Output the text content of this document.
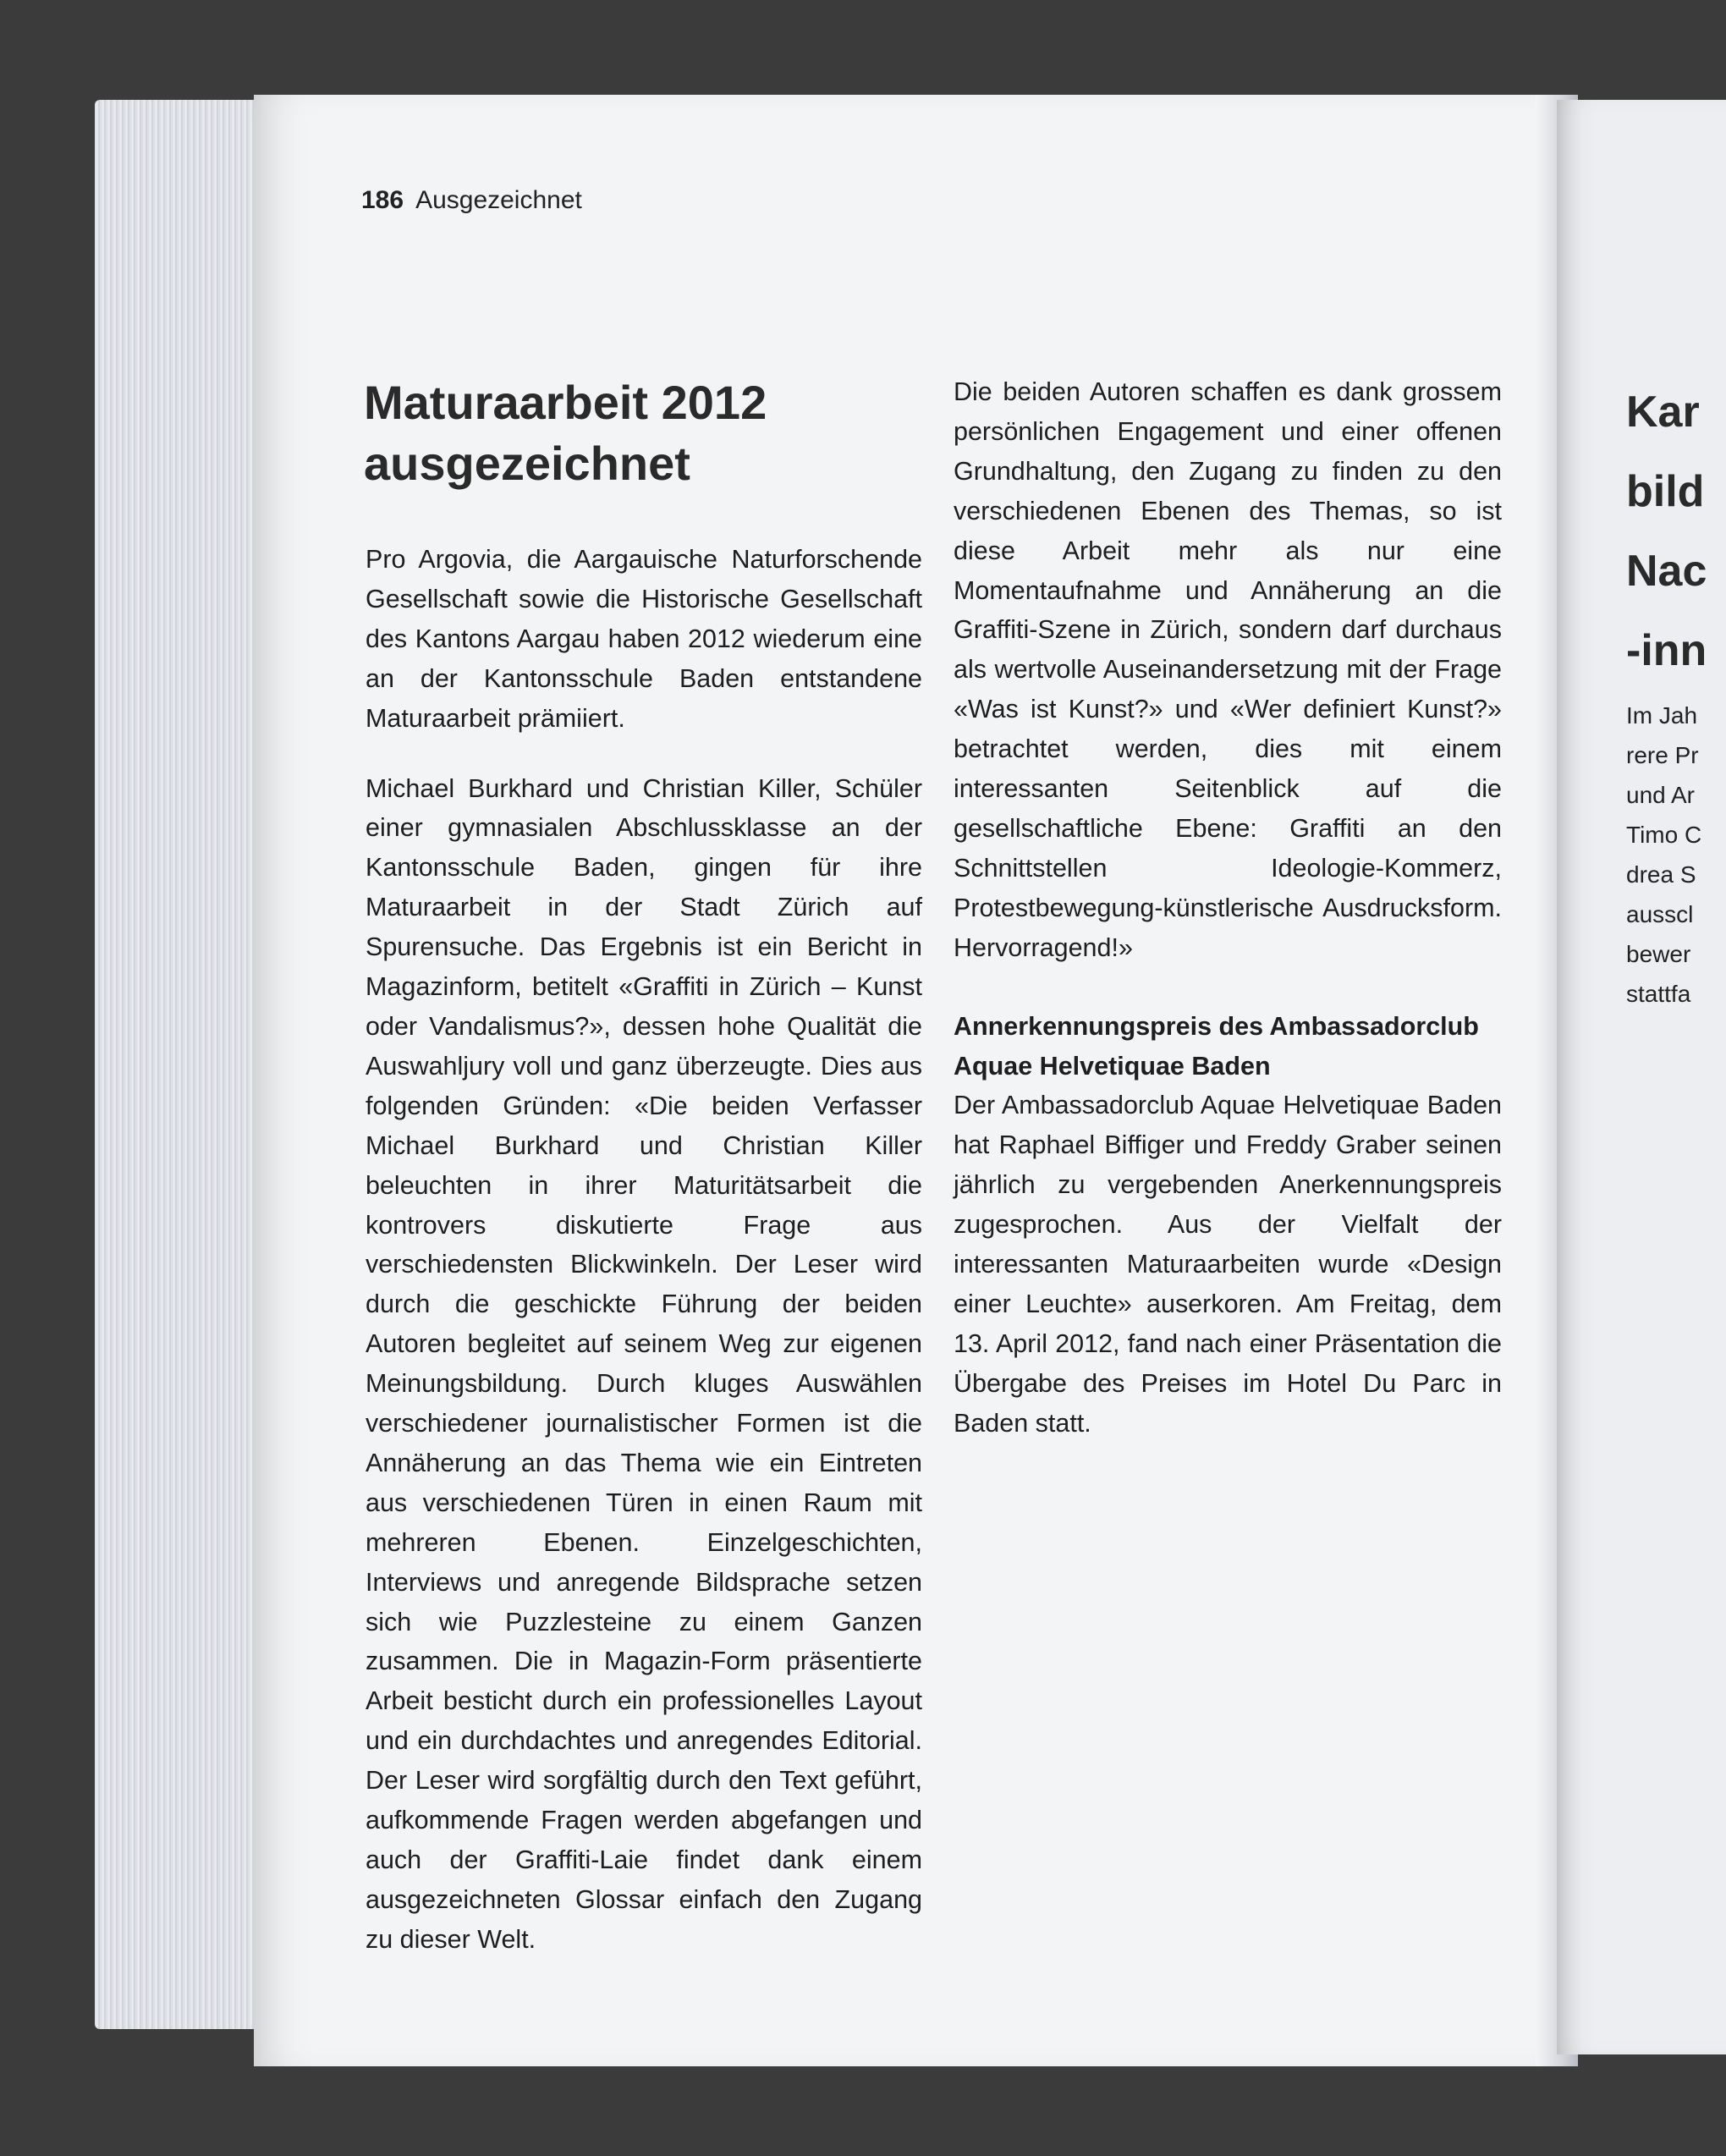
186 Ausgezeichnet
Maturaarbeit 2012
ausgezeichnet

Pro Argovia, die Aargauische Naturforschende Gesellschaft sowie die Historische Gesellschaft des Kantons Aargau haben 2012 wiederum eine an der Kantonsschule Baden entstandene Maturaarbeit prämiiert.

Michael Burkhard und Christian Killer, Schüler einer gymnasialen Abschlussklasse an der Kantonsschule Baden, gingen für ihre Maturaarbeit in der Stadt Zürich auf Spurensuche. Das Ergebnis ist ein Bericht in Magazinform, betitelt «Graffiti in Zürich – Kunst oder Vandalismus?», dessen hohe Qualität die Auswahljury voll und ganz überzeugte. Dies aus folgenden Gründen: «Die beiden Verfasser Michael Burkhard und Christian Killer beleuchten in ihrer Maturitätsarbeit die kontrovers diskutierte Frage aus verschiedensten Blickwinkeln. Der Leser wird durch die geschickte Führung der beiden Autoren begleitet auf seinem Weg zur eigenen Meinungsbildung. Durch kluges Auswählen verschiedener journalistischer Formen ist die Annäherung an das Thema wie ein Eintreten aus verschiedenen Türen in einen Raum mit mehreren Ebenen. Einzelgeschichten, Interviews und anregende Bildsprache setzen sich wie Puzzlesteine zu einem Ganzen zusammen. Die in Magazin-Form präsentierte Arbeit besticht durch ein professionelles Layout und ein durchdachtes und anregendes Editorial. Der Leser wird sorgfältig durch den Text geführt, aufkommende Fragen werden abgefangen und auch der Graffiti-Laie findet dank einem ausgezeichneten Glossar einfach den Zugang zu dieser Welt.

Die beiden Autoren schaffen es dank grossem persönlichen Engagement und einer offenen Grundhaltung, den Zugang zu finden zu den verschiedenen Ebenen des Themas, so ist diese Arbeit mehr als nur eine Momentaufnahme und Annäherung an die Graffiti-Szene in Zürich, sondern darf durchaus als wertvolle Auseinandersetzung mit der Frage «Was ist Kunst?» und «Wer definiert Kunst?» betrachtet werden, dies mit einem interessanten Seitenblick auf die gesellschaftliche Ebene: Graffiti an den Schnittstellen Ideologie-Kommerz, Protestbewegung-künstlerische Ausdrucksform. Hervorragend!»

Annerkennungspreis des Ambassadorclub Aquae Helvetiquae Baden

Der Ambassadorclub Aquae Helvetiquae Baden hat Raphael Biffiger und Freddy Graber seinen jährlich zu vergebenden Anerkennungspreis zugesprochen. Aus der Vielfalt der interessanten Maturaarbeiten wurde «Design einer Leuchte» auserkoren. Am Freitag, dem 13. April 2012, fand nach einer Präsentation die Übergabe des Preises im Hotel Du Parc in Baden statt.

Kar
bild
Nac
-inn
Im Jah
rere Pr
und Ar
Timo C
drea S
ausscl
bewer
stattfa
